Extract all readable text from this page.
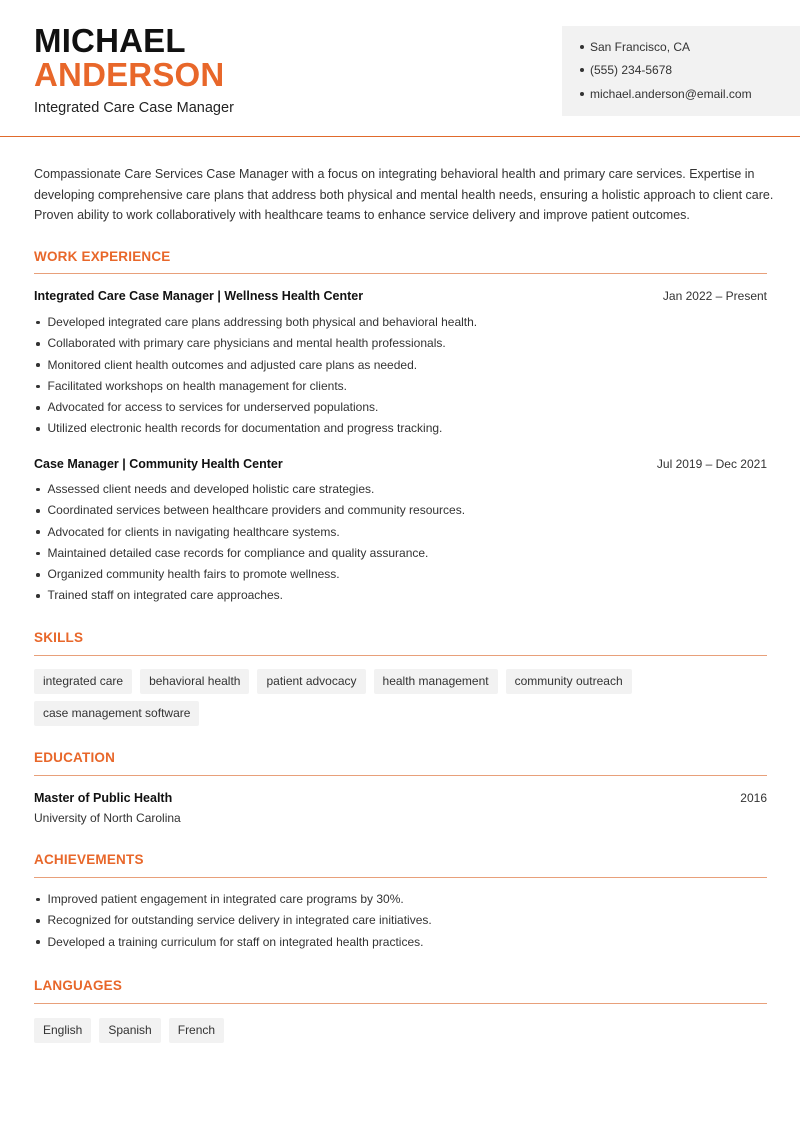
MICHAEL
ANDERSON
Integrated Care Case Manager
San Francisco, CA
(555) 234-5678
michael.anderson@email.com

Compassionate Care Services Case Manager with a focus on integrating behavioral health and primary care services. Expertise in developing comprehensive care plans that address both physical and mental health needs, ensuring a holistic approach to client care. Proven ability to work collaboratively with healthcare teams to enhance service delivery and improve patient outcomes.

WORK EXPERIENCE
Integrated Care Case Manager | Wellness Health Center	Jan 2022 – Present
Developed integrated care plans addressing both physical and behavioral health.
Collaborated with primary care physicians and mental health professionals.
Monitored client health outcomes and adjusted care plans as needed.
Facilitated workshops on health management for clients.
Advocated for access to services for underserved populations.
Utilized electronic health records for documentation and progress tracking.
Case Manager | Community Health Center	Jul 2019 – Dec 2021
Assessed client needs and developed holistic care strategies.
Coordinated services between healthcare providers and community resources.
Advocated for clients in navigating healthcare systems.
Maintained detailed case records for compliance and quality assurance.
Organized community health fairs to promote wellness.
Trained staff on integrated care approaches.
SKILLS
integrated care	behavioral health	patient advocacy	health management	community outreach
case management software
EDUCATION
Master of Public Health	2016
University of North Carolina
ACHIEVEMENTS
Improved patient engagement in integrated care programs by 30%.
Recognized for outstanding service delivery in integrated care initiatives.
Developed a training curriculum for staff on integrated health practices.
LANGUAGES
English	Spanish	French
